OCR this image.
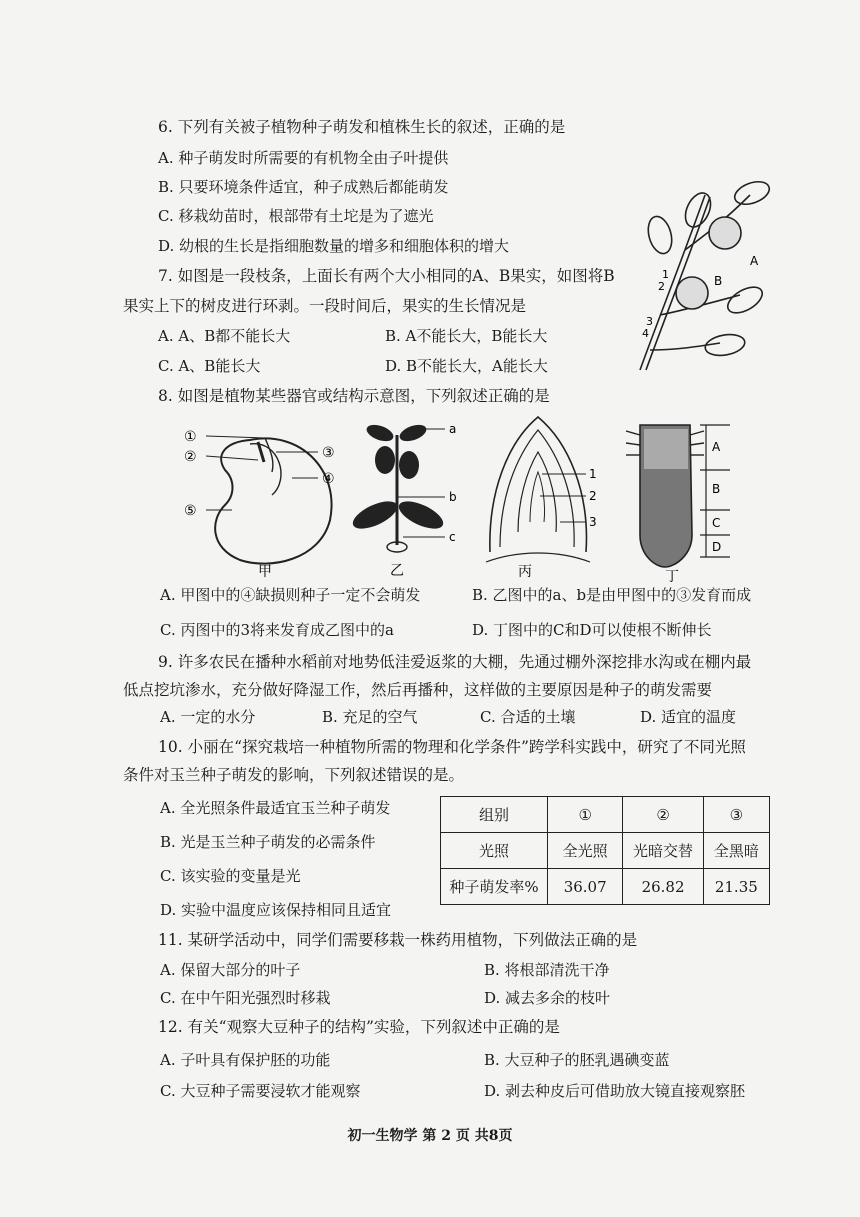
6. 下列有关被子植物种子萌发和植株生长的叙述，正确的是
A. 种子萌发时所需要的有机物全由子叶提供
B. 只要环境条件适宜，种子成熟后都能萌发
C. 移栽幼苗时，根部带有土坨是为了遮光
D. 幼根的生长是指细胞数量的增多和细胞体积的增大
A
B
1
2
3
4
7. 如图是一段枝条，上面长有两个大小相同的A、B果实，如图将B
果实上下的树皮进行环剥。一段时间后，果实的生长情况是
A. A、B都不能长大	B. A不能长大，B能长大
C. A、B能长大	D. B不能长大，A能长大
8. 如图是植物某些器官或结构示意图，下列叙述正确的是
①
②	③
④
⑤
甲
a
b
c
乙
1
2
3
丙
A
B
C
D
丁
A. 甲图中的④缺损则种子一定不会萌发	B. 乙图中的a、b是由甲图中的③发育而成
C. 丙图中的3将来发育成乙图中的a	D. 丁图中的C和D可以使根不断伸长
9. 许多农民在播种水稻前对地势低洼爱返浆的大棚，先通过棚外深挖排水沟或在棚内最
低点挖坑渗水，充分做好降湿工作，然后再播种，这样做的主要原因是种子的萌发需要
A. 一定的水分	B. 充足的空气	C. 合适的土壤	D. 适宜的温度
10. 小丽在“探究栽培一种植物所需的物理和化学条件”跨学科实践中，研究了不同光照
条件对玉兰种子萌发的影响，下列叙述错误的是。
A. 全光照条件最适宜玉兰种子萌发
B. 光是玉兰种子萌发的必需条件
C. 该实验的变量是光
D. 实验中温度应该保持相同且适宜
组别	①	②	③
光照	全光照	光暗交替	全黑暗
种子萌发率%	36.07	26.82	21.35
11. 某研学活动中，同学们需要移栽一株药用植物，下列做法正确的是
A. 保留大部分的叶子	B. 将根部清洗干净
C. 在中午阳光强烈时移栽	D. 减去多余的枝叶
12. 有关“观察大豆种子的结构”实验，下列叙述中正确的是
A. 子叶具有保护胚的功能	B. 大豆种子的胚乳遇碘变蓝
C. 大豆种子需要浸软才能观察	D. 剥去种皮后可借助放大镜直接观察胚
初一生物学 第 2 页 共8页
